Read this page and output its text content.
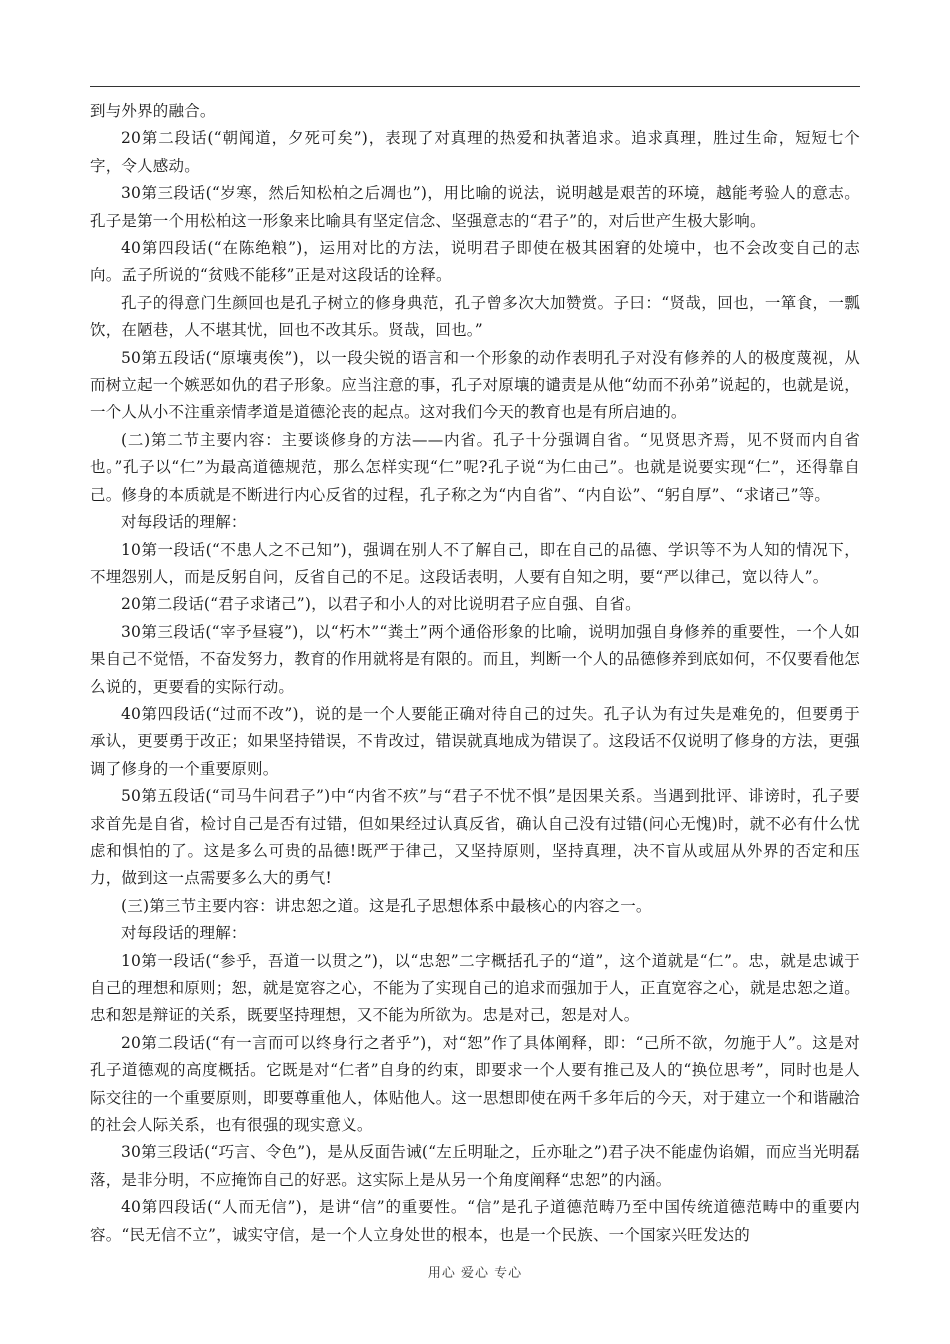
到与外界的融合。

20第二段话(“朝闻道，夕死可矣”)，表现了对真理的热爱和执著追求。追求真理，胜过生命，短短七个字，令人感动。

30第三段话(“岁寒，然后知松柏之后凋也”)，用比喻的说法，说明越是艰苦的环境，越能考验人的意志。孔子是第一个用松柏这一形象来比喻具有坚定信念、坚强意志的“君子”的，对后世产生极大影响。

40第四段话(“在陈绝粮”)，运用对比的方法，说明君子即使在极其困窘的处境中，也不会改变自己的志向。孟子所说的“贫贱不能移”正是对这段话的诠释。

孔子的得意门生颜回也是孔子树立的修身典范，孔子曾多次大加赞赏。子曰：“贤哉，回也，一箪食，一瓢饮，在陋巷，人不堪其忧，回也不改其乐。贤哉，回也。”

50第五段话(“原壤夷俟”)，以一段尖锐的语言和一个形象的动作表明孔子对没有修养的人的极度蔑视，从而树立起一个嫉恶如仇的君子形象。应当注意的事，孔子对原壤的谴责是从他“幼而不孙弟”说起的，也就是说，一个人从小不注重亲情孝道是道德沦丧的起点。这对我们今天的教育也是有所启迪的。

(二)第二节主要内容：主要谈修身的方法——内省。孔子十分强调自省。“见贤思齐焉，见不贤而内自省也。”孔子以“仁”为最高道德规范，那么怎样实现“仁”呢?孔子说“为仁由己”。也就是说要实现“仁”，还得靠自己。修身的本质就是不断进行内心反省的过程，孔子称之为“内自省”、“内自讼”、“躬自厚”、“求诸己”等。

对每段话的理解：

10第一段话(“不患人之不己知”)，强调在别人不了解自己，即在自己的品德、学识等不为人知的情况下，不埋怨别人，而是反躬自问，反省自己的不足。这段话表明，人要有自知之明，要“严以律己，宽以待人”。

20第二段话(“君子求诸己”)，以君子和小人的对比说明君子应自强、自省。

30第三段话(“宰予昼寝”)，以“朽木”“粪土”两个通俗形象的比喻，说明加强自身修养的重要性，一个人如果自己不觉悟，不奋发努力，教育的作用就将是有限的。而且，判断一个人的品德修养到底如何，不仅要看他怎么说的，更要看的实际行动。

40第四段话(“过而不改”)，说的是一个人要能正确对待自己的过失。孔子认为有过失是难免的，但要勇于承认，更要勇于改正；如果坚持错误，不肯改过，错误就真地成为错误了。这段话不仅说明了修身的方法，更强调了修身的一个重要原则。

50第五段话(“司马牛问君子”)中“内省不疚”与“君子不忧不惧”是因果关系。当遇到批评、诽谤时，孔子要求首先是自省，检讨自己是否有过错，但如果经过认真反省，确认自己没有过错(问心无愧)时，就不必有什么忧虑和惧怕的了。这是多么可贵的品德!既严于律己，又坚持原则，坚持真理，决不盲从或屈从外界的否定和压力，做到这一点需要多么大的勇气!

(三)第三节主要内容：讲忠恕之道。这是孔子思想体系中最核心的内容之一。

对每段话的理解：

10第一段话(“参乎，吾道一以贯之”)，以“忠恕”二字概括孔子的“道”，这个道就是“仁”。忠，就是忠诚于自己的理想和原则；恕，就是宽容之心，不能为了实现自己的追求而强加于人，正直宽容之心，就是忠恕之道。忠和恕是辩证的关系，既要坚持理想，又不能为所欲为。忠是对己，恕是对人。

20第二段话(“有一言而可以终身行之者乎”)，对“恕”作了具体阐释，即：“己所不欲，勿施于人”。这是对孔子道德观的高度概括。它既是对“仁者”自身的约束，即要求一个人要有推己及人的“换位思考”，同时也是人际交往的一个重要原则，即要尊重他人，体贴他人。这一思想即使在两千多年后的今天，对于建立一个和谐融洽的社会人际关系，也有很强的现实意义。

30第三段话(“巧言、令色”)，是从反面告诫(“左丘明耻之，丘亦耻之”)君子决不能虚伪谄媚，而应当光明磊落，是非分明，不应掩饰自己的好恶。这实际上是从另一个角度阐释“忠恕”的内涵。

40第四段话(“人而无信”)，是讲“信”的重要性。“信”是孔子道德范畴乃至中国传统道德范畴中的重要内容。“民无信不立”，诚实守信，是一个人立身处世的根本，也是一个民族、一个国家兴旺发达的

用心 爱心 专心
